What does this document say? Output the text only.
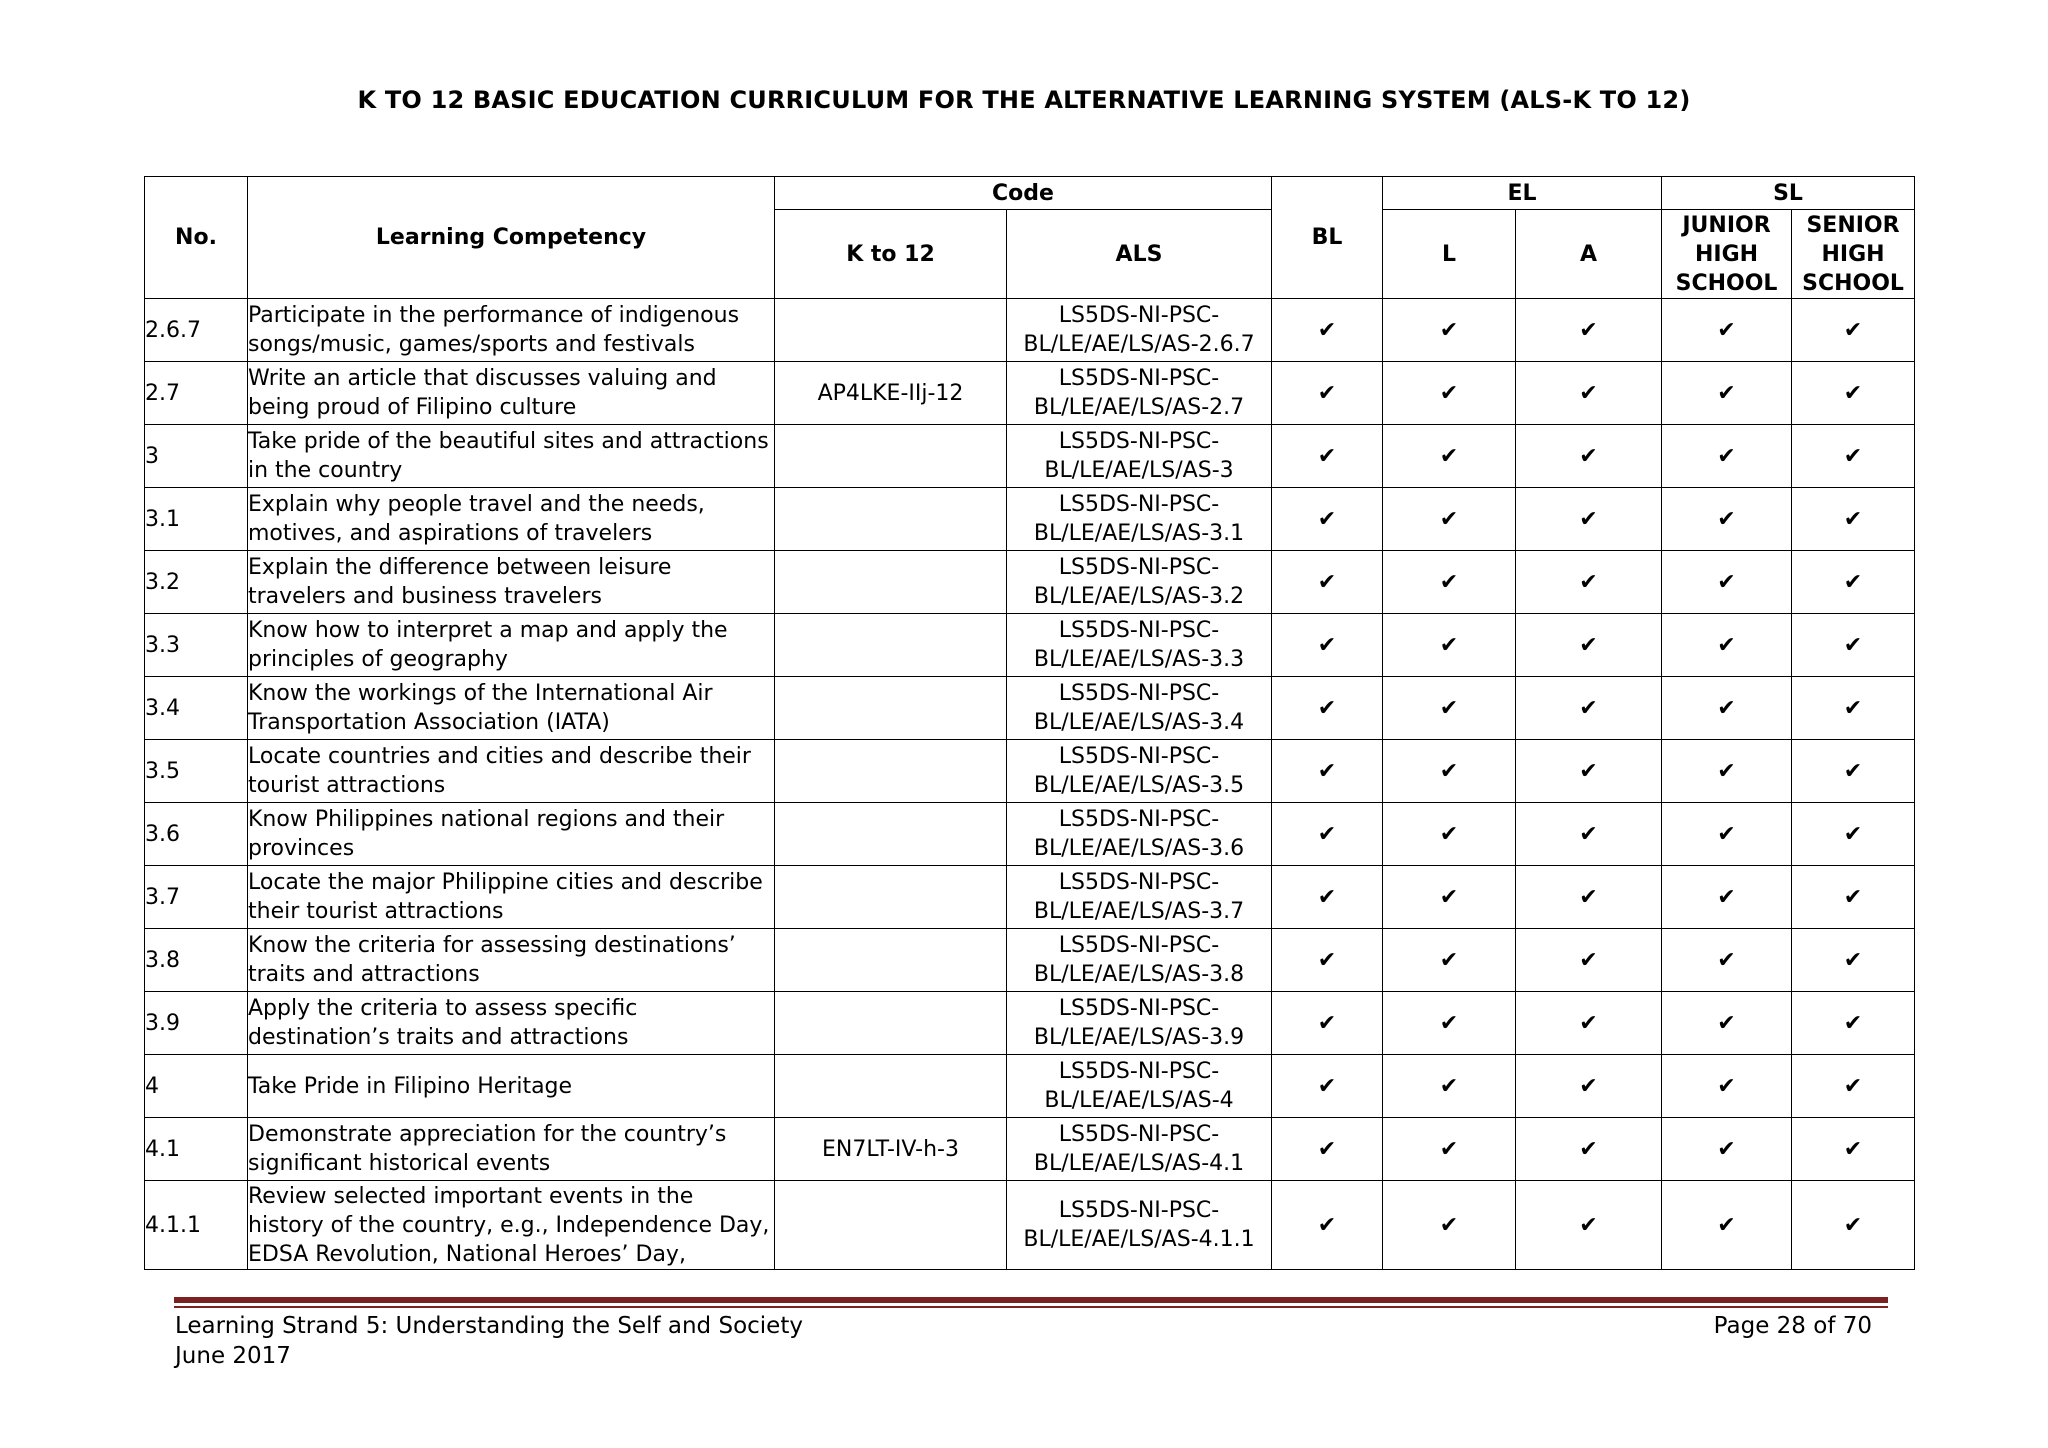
K TO 12 BASIC EDUCATION CURRICULUM FOR THE ALTERNATIVE LEARNING SYSTEM (ALS-K TO 12)
No.	Learning Competency	Code		BL	EL		SL	
		K to 12	ALS		L	A	JUNIOR HIGH SCHOOL	SENIOR HIGH SCHOOL
2.6.7	Participate in the performance of indigenous songs/music, games/sports and festivals		LS5DS-NI-PSC-BL/LE/AE/LS/AS-2.6.7	✔	✔	✔	✔	✔
2.7	Write an article that discusses valuing and being proud of Filipino culture	AP4LKE-IIj-12	LS5DS-NI-PSC-BL/LE/AE/LS/AS-2.7	✔	✔	✔	✔	✔
3	Take pride of the beautiful sites and attractions in the country		LS5DS-NI-PSC-BL/LE/AE/LS/AS-3	✔	✔	✔	✔	✔
3.1	Explain why people travel and the needs, motives, and aspirations of travelers		LS5DS-NI-PSC-BL/LE/AE/LS/AS-3.1	✔	✔	✔	✔	✔
3.2	Explain the difference between leisure travelers and business travelers		LS5DS-NI-PSC-BL/LE/AE/LS/AS-3.2	✔	✔	✔	✔	✔
3.3	Know how to interpret a map and apply the principles of geography		LS5DS-NI-PSC-BL/LE/AE/LS/AS-3.3	✔	✔	✔	✔	✔
3.4	Know the workings of the International Air Transportation Association (IATA)		LS5DS-NI-PSC-BL/LE/AE/LS/AS-3.4	✔	✔	✔	✔	✔
3.5	Locate countries and cities and describe their tourist attractions		LS5DS-NI-PSC-BL/LE/AE/LS/AS-3.5	✔	✔	✔	✔	✔
3.6	Know Philippines national regions and their provinces		LS5DS-NI-PSC-BL/LE/AE/LS/AS-3.6	✔	✔	✔	✔	✔
3.7	Locate the major Philippine cities and describe their tourist attractions		LS5DS-NI-PSC-BL/LE/AE/LS/AS-3.7	✔	✔	✔	✔	✔
3.8	Know the criteria for assessing destinations’ traits and attractions		LS5DS-NI-PSC-BL/LE/AE/LS/AS-3.8	✔	✔	✔	✔	✔
3.9	Apply the criteria to assess specific destination’s traits and attractions		LS5DS-NI-PSC-BL/LE/AE/LS/AS-3.9	✔	✔	✔	✔	✔
4	Take Pride in Filipino Heritage		LS5DS-NI-PSC-BL/LE/AE/LS/AS-4	✔	✔	✔	✔	✔
4.1	Demonstrate appreciation for the country’s significant historical events	EN7LT-IV-h-3	LS5DS-NI-PSC-BL/LE/AE/LS/AS-4.1	✔	✔	✔	✔	✔
4.1.1	Review selected important events in the history of the country, e.g., Independence Day, EDSA Revolution, National Heroes’ Day,		LS5DS-NI-PSC-BL/LE/AE/LS/AS-4.1.1	✔	✔	✔	✔	✔
Learning Strand 5: Understanding the Self and Society
June 2017
Page 28 of 70
